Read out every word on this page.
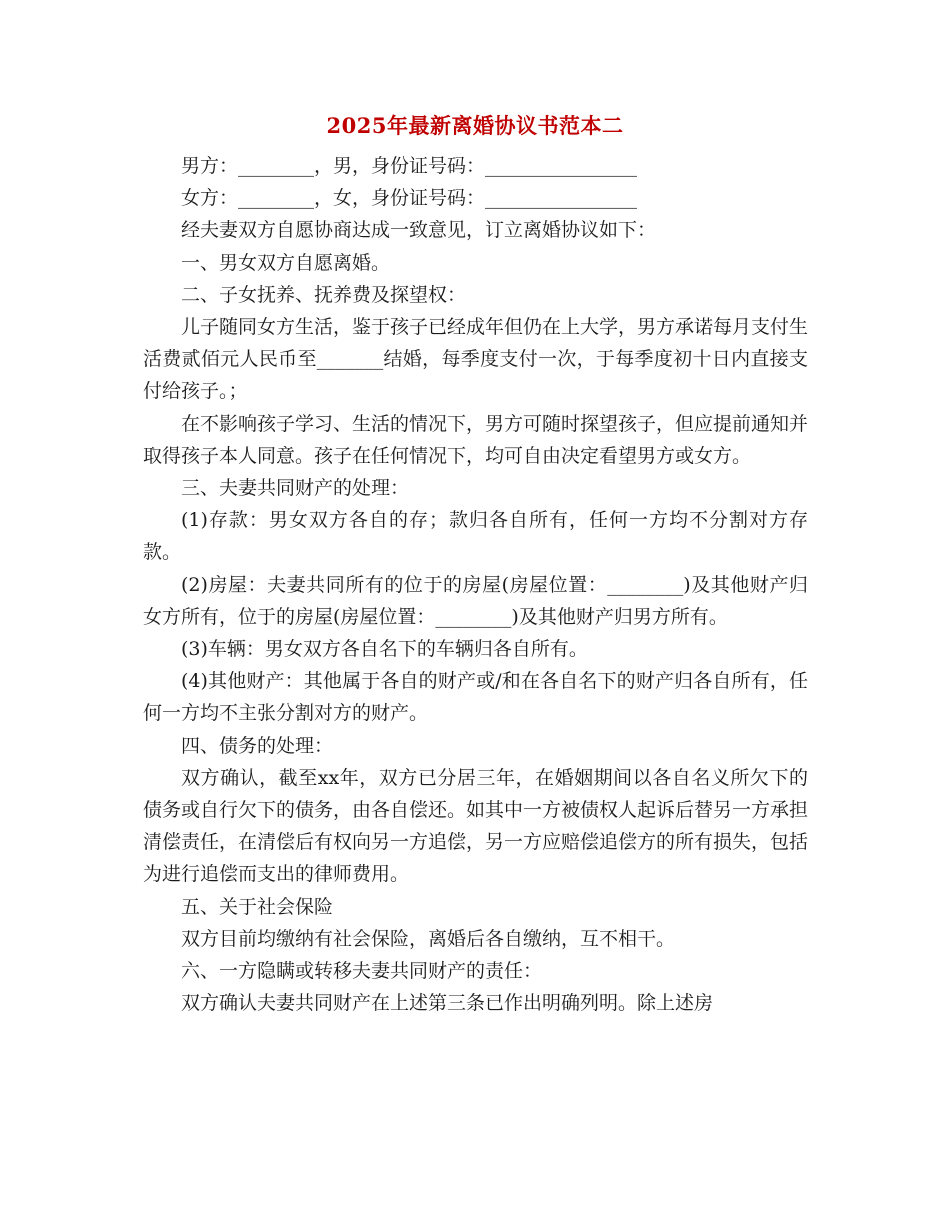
2025年最新离婚协议书范本二

男方：________，男，身份证号码：________________

女方：________，女，身份证号码：________________

经夫妻双方自愿协商达成一致意见，订立离婚协议如下：

一、男女双方自愿离婚。

二、子女抚养、抚养费及探望权：

儿子随同女方生活，鉴于孩子已经成年但仍在上大学，男方承诺每月支付生活费贰佰元人民币至_______结婚，每季度支付一次，于每季度初十日内直接支付给孩子。；

在不影响孩子学习、生活的情况下，男方可随时探望孩子，但应提前通知并取得孩子本人同意。孩子在任何情况下，均可自由决定看望男方或女方。

三、夫妻共同财产的处理：

(1)存款：男女双方各自的存；款归各自所有，任何一方均不分割对方存款。

(2)房屋：夫妻共同所有的位于的房屋(房屋位置：________)及其他财产归女方所有，位于的房屋(房屋位置：________)及其他财产归男方所有。

(3)车辆：男女双方各自名下的车辆归各自所有。

(4)其他财产：其他属于各自的财产或/和在各自名下的财产归各自所有，任何一方均不主张分割对方的财产。

四、债务的处理：

双方确认，截至xx年，双方已分居三年，在婚姻期间以各自名义所欠下的债务或自行欠下的债务，由各自偿还。如其中一方被债权人起诉后替另一方承担清偿责任，在清偿后有权向另一方追偿，另一方应赔偿追偿方的所有损失，包括为进行追偿而支出的律师费用。

五、关于社会保险

双方目前均缴纳有社会保险，离婚后各自缴纳，互不相干。

六、一方隐瞒或转移夫妻共同财产的责任：

双方确认夫妻共同财产在上述第三条已作出明确列明。除上述房
